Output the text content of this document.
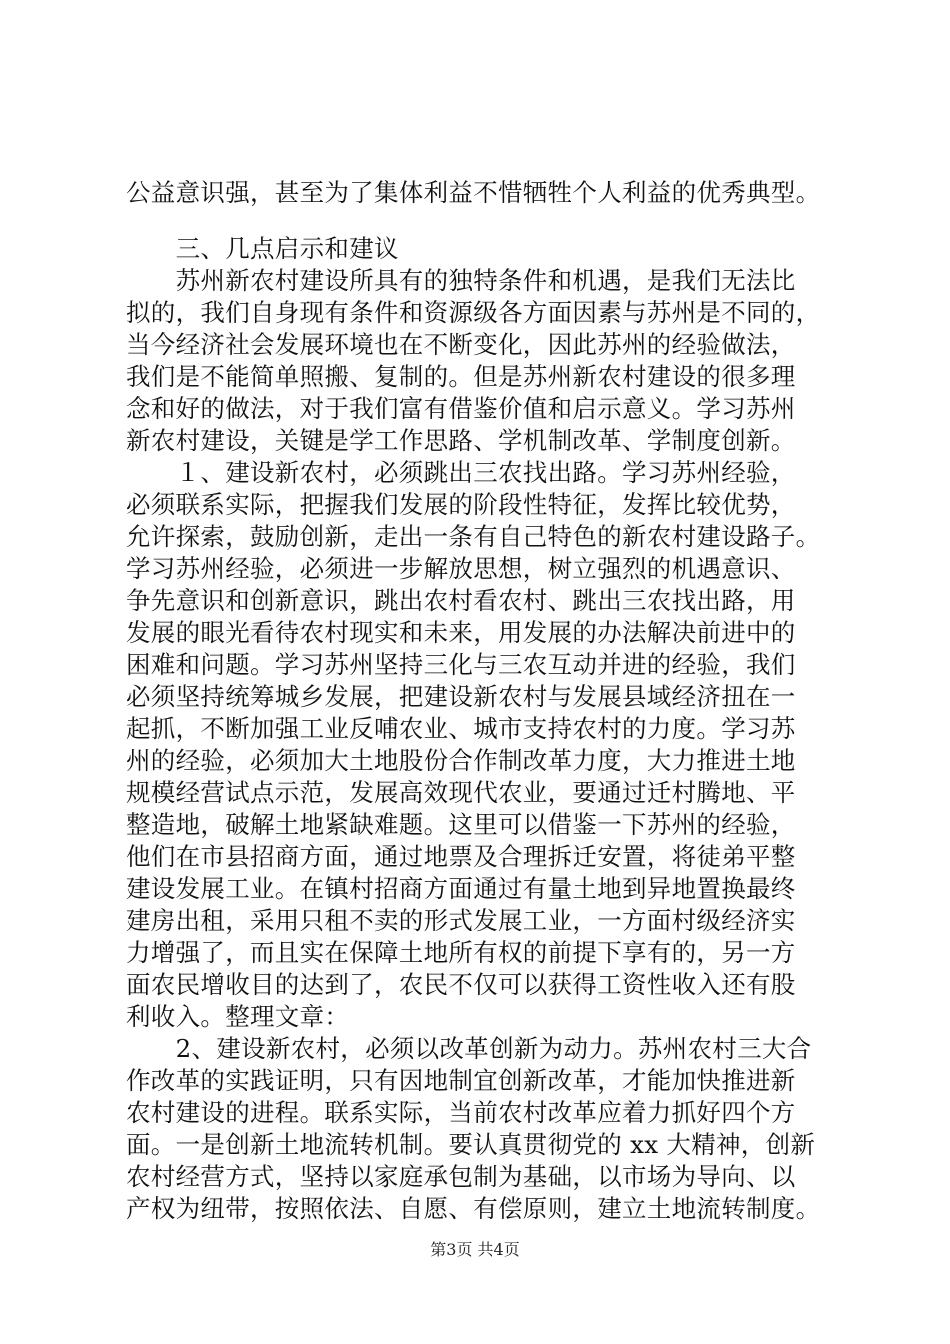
公益意识强，甚至为了集体利益不惜牺牲个人利益的优秀典型。
　　三、几点启示和建议
　　苏州新农村建设所具有的独特条件和机遇，是我们无法比
拟的，我们自身现有条件和资源级各方面因素与苏州是不同的，
当今经济社会发展环境也在不断变化，因此苏州的经验做法，
我们是不能简单照搬、复制的。但是苏州新农村建设的很多理
念和好的做法，对于我们富有借鉴价值和启示意义。学习苏州
新农村建设，关键是学工作思路、学机制改革、学制度创新。
　　１、建设新农村，必须跳出三农找出路。学习苏州经验，
必须联系实际，把握我们发展的阶段性特征，发挥比较优势，
允许探索，鼓励创新，走出一条有自己特色的新农村建设路子。
学习苏州经验，必须进一步解放思想，树立强烈的机遇意识、
争先意识和创新意识，跳出农村看农村、跳出三农找出路，用
发展的眼光看待农村现实和未来，用发展的办法解决前进中的
困难和问题。学习苏州坚持三化与三农互动并进的经验，我们
必须坚持统筹城乡发展，把建设新农村与发展县域经济扭在一
起抓，不断加强工业反哺农业、城市支持农村的力度。学习苏
州的经验，必须加大土地股份合作制改革力度，大力推进土地
规模经营试点示范，发展高效现代农业，要通过迁村腾地、平
整造地，破解土地紧缺难题。这里可以借鉴一下苏州的经验，
他们在市县招商方面，通过地票及合理拆迁安置，将徒弟平整
建设发展工业。在镇村招商方面通过有量土地到异地置换最终
建房出租，采用只租不卖的形式发展工业，一方面村级经济实
力增强了，而且实在保障土地所有权的前提下享有的，另一方
面农民增收目的达到了，农民不仅可以获得工资性收入还有股
利收入。整理文章：
　　2、建设新农村，必须以改革创新为动力。苏州农村三大合
作改革的实践证明，只有因地制宜创新改革，才能加快推进新
农村建设的进程。联系实际，当前农村改革应着力抓好四个方
面。一是创新土地流转机制。要认真贯彻党的 xx 大精神，创新
农村经营方式，坚持以家庭承包制为基础，以市场为导向、以
产权为纽带，按照依法、自愿、有偿原则，建立土地流转制度。
第3页 共4页
